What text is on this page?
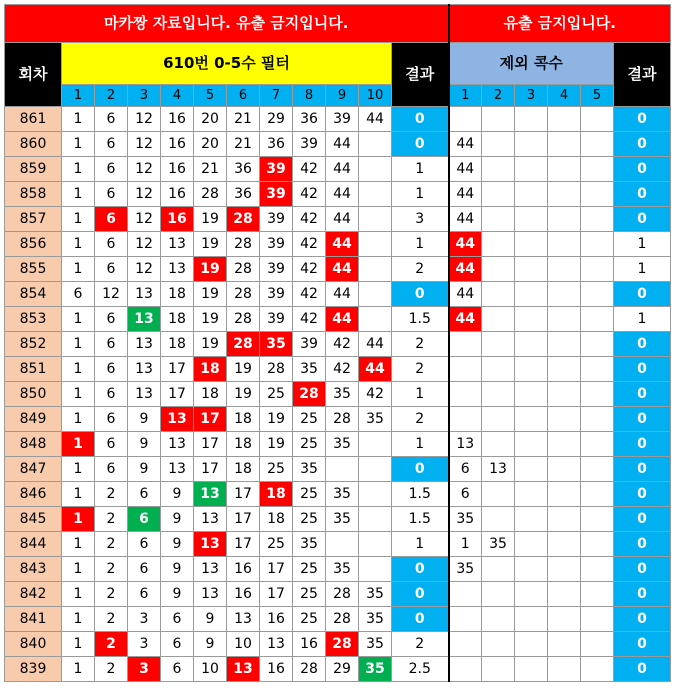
마카짱 자료입니다. 유출 금지입니다.												유출 금지입니다.					
회차	610번 0-5수 필터										결과	제외 콕수					결과
	1	2	3	4	5	6	7	8	9	10		1	2	3	4	5	
861	1	6	12	16	20	21	29	36	39	44	0						0
860	1	6	12	16	20	21	36	39	44		0	44					0
859	1	6	12	16	21	36	39	42	44		1	44					0
858	1	6	12	16	28	36	39	42	44		1	44					0
857	1	6	12	16	19	28	39	42	44		3	44					0
856	1	6	12	13	19	28	39	42	44		1	44					1
855	1	6	12	13	19	28	39	42	44		2	44					1
854	6	12	13	18	19	28	39	42	44		0	44					0
853	1	6	13	18	19	28	39	42	44		1.5	44					1
852	1	6	13	18	19	28	35	39	42	44	2						0
851	1	6	13	17	18	19	28	35	42	44	2						0
850	1	6	13	17	18	19	25	28	35	42	1						0
849	1	6	9	13	17	18	19	25	28	35	2						0
848	1	6	9	13	17	18	19	25	35		1	13					0
847	1	6	9	13	17	18	25	35			0	6	13				0
846	1	2	6	9	13	17	18	25	35		1.5	6					0
845	1	2	6	9	13	17	18	25	35		1.5	35					0
844	1	2	6	9	13	17	25	35			1	1	35				0
843	1	2	6	9	13	16	17	25	35		0	35					0
842	1	2	6	9	13	16	17	25	28	35	0						0
841	1	2	3	6	9	13	16	25	28	35	0						0
840	1	2	3	6	9	10	13	16	28	35	2						0
839	1	2	3	6	10	13	16	28	29	35	2.5						0
